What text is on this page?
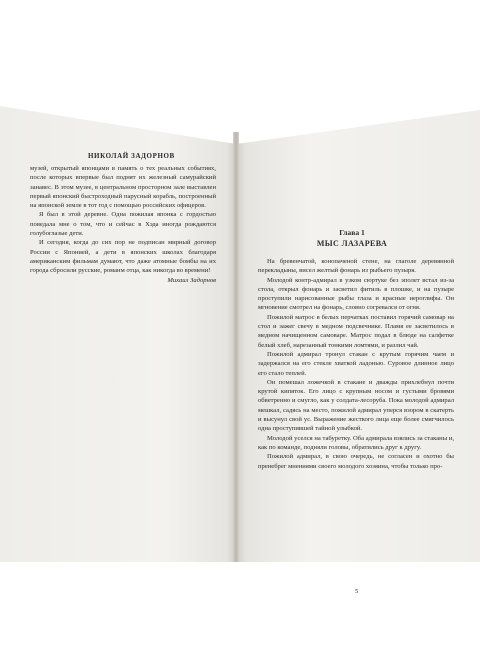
НИКОЛАЙ ЗАДОРНОВ

музей, открытый японцами в память о тех реальных событиях, после которых впервые был поднят их железный самурайский занавес. В этом музее, в центральном просторном зале выставлен первый японский быстроходный парусный корабль, построенный на японской земле в тот год с помощью российских офицеров.

Я был в этой деревне. Одна пожилая японка с гордостью поведала мне о том, что и сейчас в Хэда иногда рождаются голубоглазые дети.

И сегодня, когда до сих пор не подписан мирный договор России с Японией, а дети в японских школах благодаря американским фильмам думают, что даже атомные бомбы на их города сбросили русские, романм отца, как никогда во времени!

Михаил Задорнов
Глава 1
МЫС ЛАЗАРЕВА

На бревенчатой, конопаченой стене, на глаголе деревянной перекладыны, висел желтый фонарь из рыбьего пузыря.

Молодой контр-адмирал в узком сюртуке без эполет встал из-за стола, открыл фонарь и засветил фитиль в плошке, и на пузыре проступили нарисованные рыбы глаза и красные иероглифы. Он мгновение смотрел на фонарь, словно согревался от огня.

Пожилой матрос в белых перчатках поставил горячий самовар на стол и зажег свечу в медном подсвечнике. Пламя ее засветилось в медном начищенном самоваре. Матрос подал в блюде на салфетке белый хлеб, нарезанный тонкими ломтями, и разлил чай.

Пожилой адмирал тронул стакан с крутым горячим чаем и задержался на его стекле хваткой ладонью. Суровое длинное лицо его стало теплей.

Он помешал ложечкой в стакане и дважды прихлебнул почти крутой кипяток. Его лицо с крупным носом и густыми бровями обветренно и смугло, как у солдата-лесоруба. Пока молодой адмирал мешкал, садясь на место, пожилой адмирал уперся взором в скатерть и высунул свой ус. Выражение жесткого лица еще более смягчилось одна проступившей тайной улыбкой.

Молодой уселся на табуретку. Оба адмирала взялись за стаканы и, как по команде, подняли головы, обратились друг к другу.

Пожилой адмирал, в свою очередь, не согласен и охотно бы пренебрег мнениями своего молодого хозяина, чтобы только про-

5
